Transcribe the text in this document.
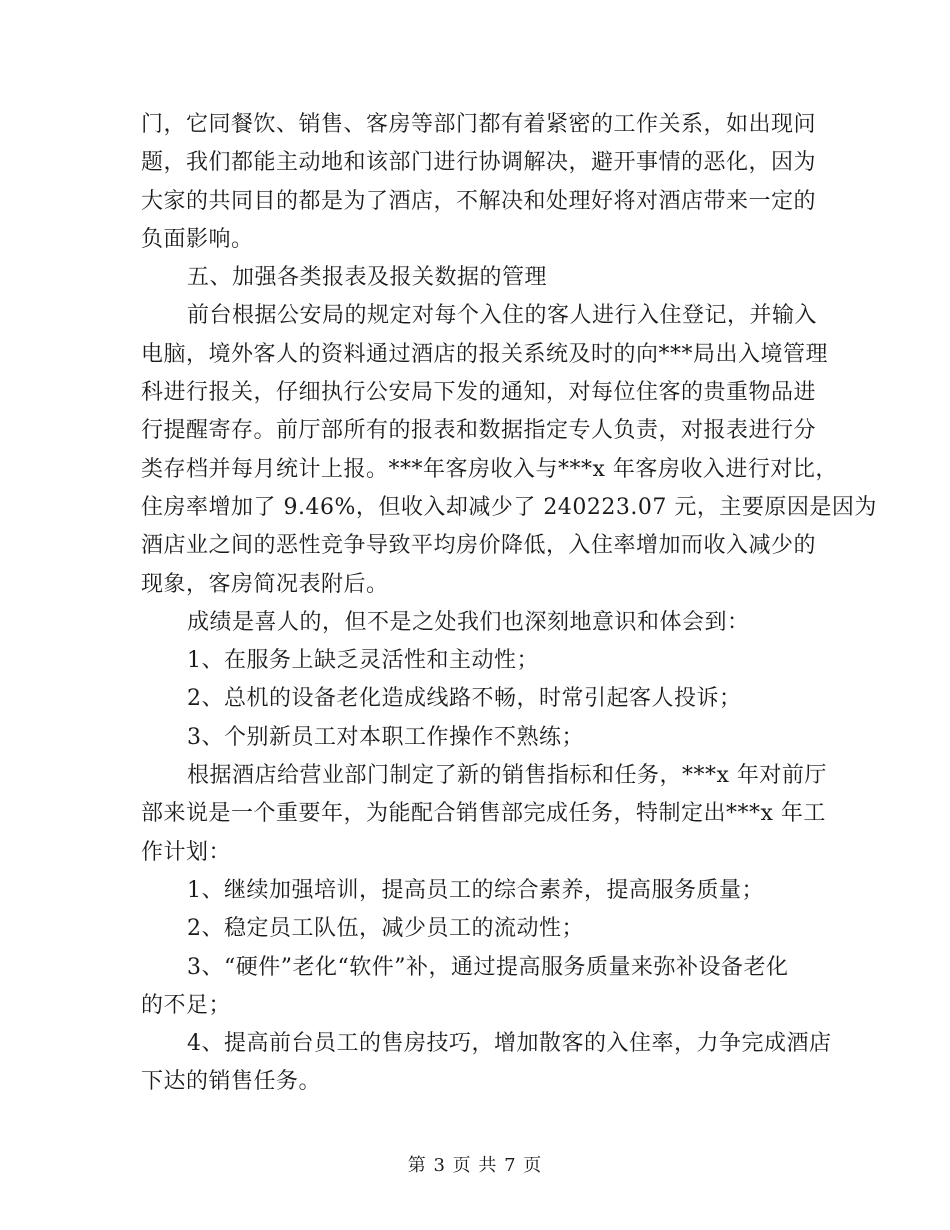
门，它同餐饮、销售、客房等部门都有着紧密的工作关系，如出现问
题，我们都能主动地和该部门进行协调解决，避开事情的恶化，因为
大家的共同目的都是为了酒店，不解决和处理好将对酒店带来一定的
负面影响。
五、加强各类报表及报关数据的管理
前台根据公安局的规定对每个入住的客人进行入住登记，并输入
电脑，境外客人的资料通过酒店的报关系统及时的向***局出入境管理
科进行报关，仔细执行公安局下发的通知，对每位住客的贵重物品进
行提醒寄存。前厅部所有的报表和数据指定专人负责，对报表进行分
类存档并每月统计上报。***年客房收入与***x 年客房收入进行对比，
住房率增加了 9.46%，但收入却减少了 240223.07 元，主要原因是因为
酒店业之间的恶性竞争导致平均房价降低，入住率增加而收入减少的
现象，客房简况表附后。
成绩是喜人的，但不是之处我们也深刻地意识和体会到：
1、在服务上缺乏灵活性和主动性；
2、总机的设备老化造成线路不畅，时常引起客人投诉；
3、个别新员工对本职工作操作不熟练；
根据酒店给营业部门制定了新的销售指标和任务，***x 年对前厅
部来说是一个重要年，为能配合销售部完成任务，特制定出***x 年工
作计划：
1、继续加强培训，提高员工的综合素养，提高服务质量；
2、稳定员工队伍，减少员工的流动性；
3、“硬件”老化“软件”补，通过提高服务质量来弥补设备老化
的不足；
4、提高前台员工的售房技巧，增加散客的入住率，力争完成酒店
下达的销售任务。
第 3 页 共 7 页
